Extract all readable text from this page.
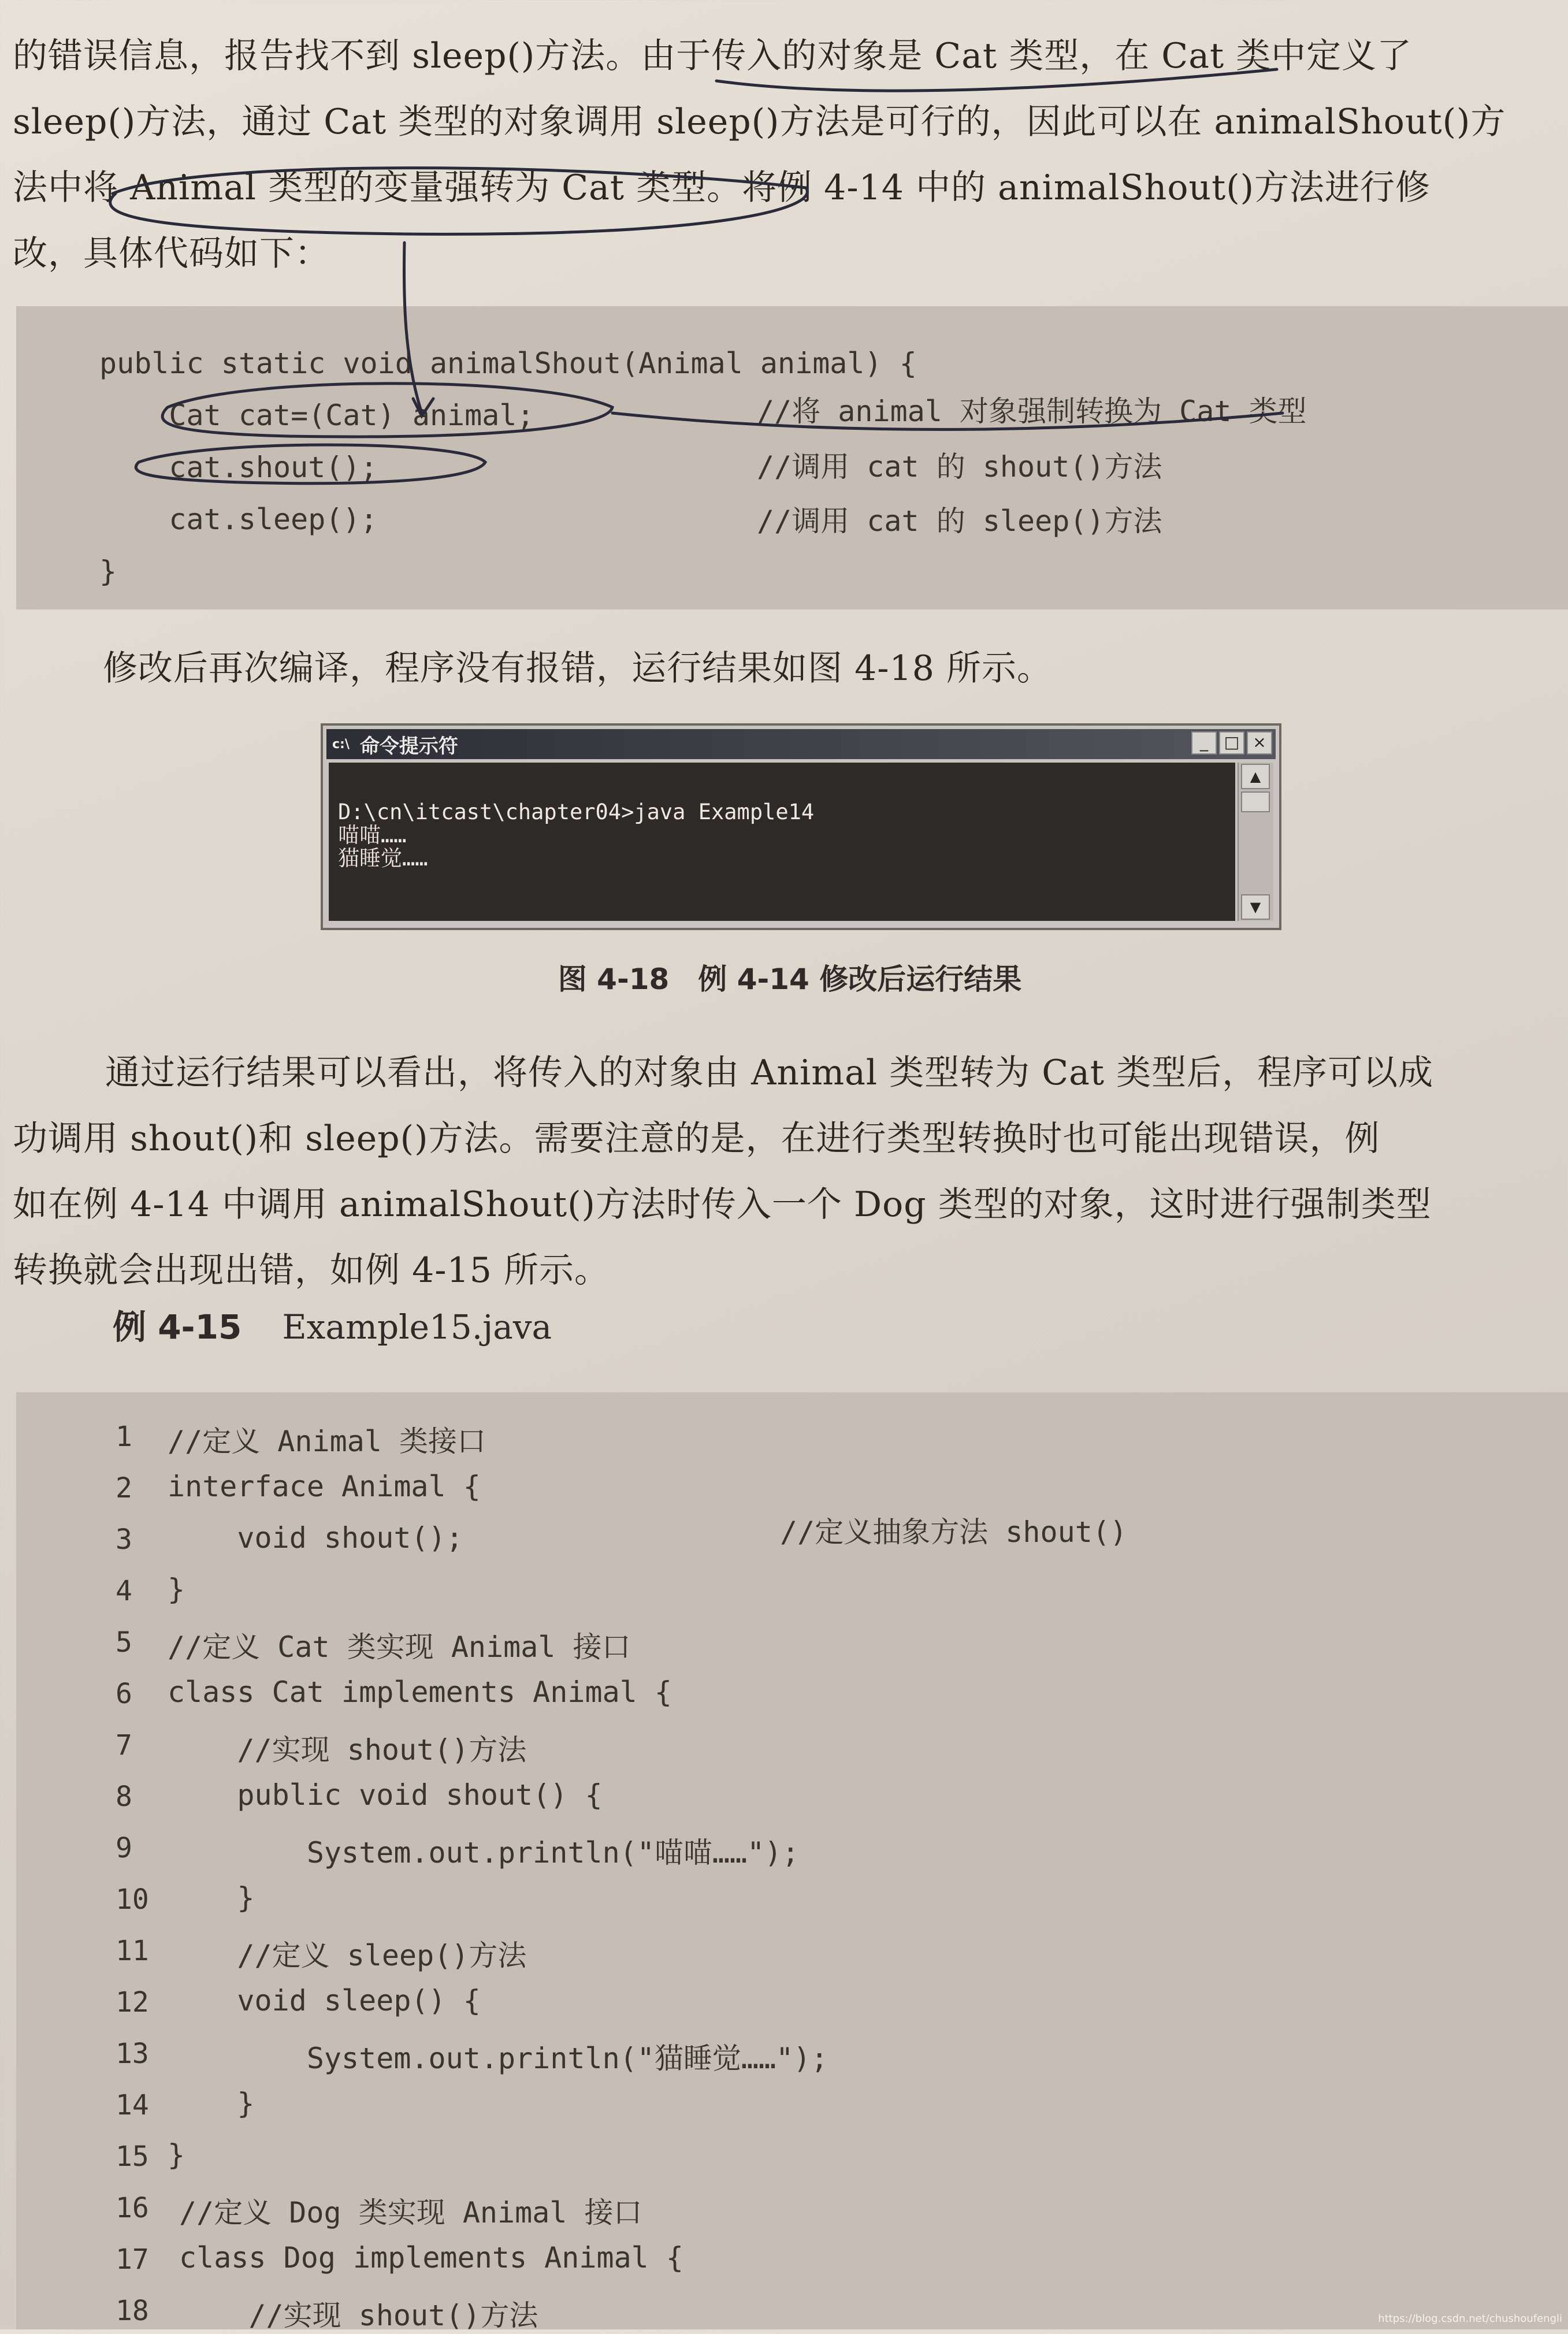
的错误信息，报告找不到 sleep()方法。由于传入的对象是 Cat 类型，在 Cat 类中定义了

sleep()方法，通过 Cat 类型的对象调用 sleep()方法是可行的，因此可以在 animalShout()方

法中将 Animal 类型的变量强转为 Cat 类型。将例 4-14 中的 animalShout()方法进行修

改，具体代码如下：

public static void animalShout(Animal animal) {
Cat cat=(Cat) animal;
cat.shout();
cat.sleep();
}
//将 animal 对象强制转换为 Cat 类型
//调用 cat 的 shout()方法
//调用 cat 的 sleep()方法

修改后再次编译，程序没有报错，运行结果如图 4-18 所示。

c:\ 命令提示符	_ □ ×
D:\cn\itcast\chapter04>java Example14
喵喵……
猫睡觉……
▲
▼
图 4-18　例 4-14 修改后运行结果

通过运行结果可以看出，将传入的对象由 Animal 类型转为 Cat 类型后，程序可以成

功调用 shout()和 sleep()方法。需要注意的是，在进行类型转换时也可能出现错误，例

如在例 4-14 中调用 animalShout()方法时传入一个 Dog 类型的对象，这时进行强制类型

转换就会出现出错，如例 4-15 所示。

例 4-15 Example15.java
1 //定义 Animal 类接口
2 interface Animal {
3 void shout();
4 }
5 //定义 Cat 类实现 Animal 接口
6 class Cat implements Animal {
7 //实现 shout()方法
8 public void shout() {
9 System.out.println("喵喵……");
10 }
11 //定义 sleep()方法
12 void sleep() {
13 System.out.println("猫睡觉……");
14 }
15 }
16 //定义 Dog 类实现 Animal 接口
17 class Dog implements Animal {
18 //实现 shout()方法
//定义抽象方法 shout()
https://blog.csdn.net/chushoufengli
